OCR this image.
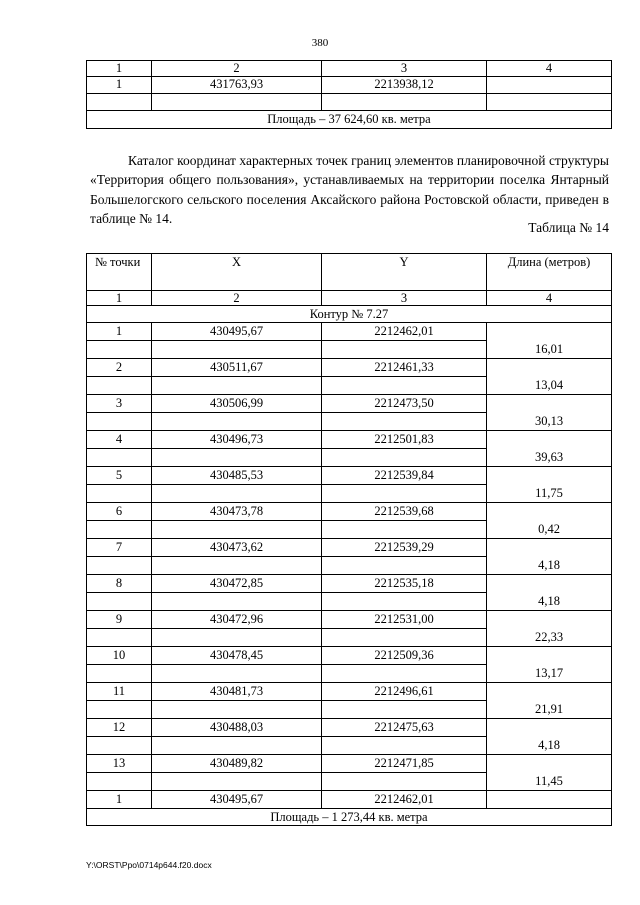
380
1	2	3	4
1	431763,93	2213938,12	

Площадь – 37 624,60 кв. метра			
Каталог координат характерных точек границ элементов планировочной структуры «Территория общего пользования», устанавливаемых на территории поселка Янтарный Большелогского сельского поселения Аксайского района Ростовской области, приведен в таблице № 14.
Таблица № 14
№ точки	X	Y	Длина (метров)
1	2	3	4
Контур № 7.27			
1	430495,67	2212462,01	
			16,01
2	430511,67	2212461,33	
			13,04
3	430506,99	2212473,50	
			30,13
4	430496,73	2212501,83	
			39,63
5	430485,53	2212539,84	
			11,75
6	430473,78	2212539,68	
			0,42
7	430473,62	2212539,29	
			4,18
8	430472,85	2212535,18	
			4,18
9	430472,96	2212531,00	
			22,33
10	430478,45	2212509,36	
			13,17
11	430481,73	2212496,61	
			21,91
12	430488,03	2212475,63	
			4,18
13	430489,82	2212471,85	
			11,45
1	430495,67	2212462,01	
Площадь – 1 273,44 кв. метра			
Y:\ORST\Ppo\0714p644.f20.docx
